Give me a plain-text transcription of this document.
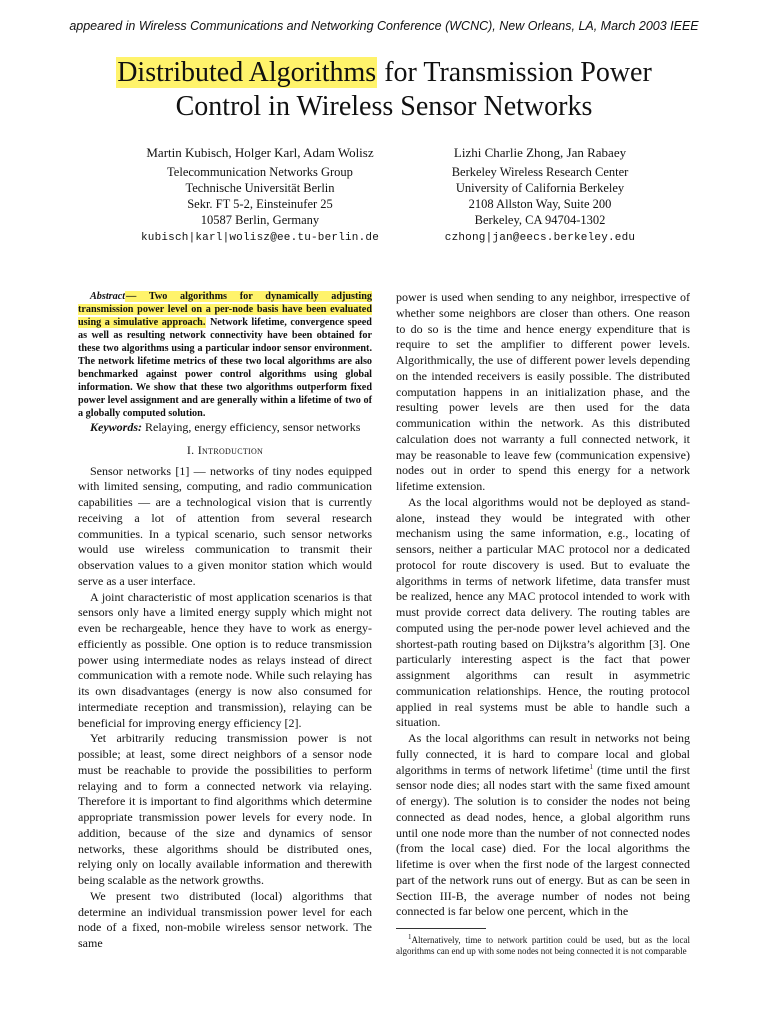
appeared in Wireless Communications and Networking Conference (WCNC), New Orleans, LA, March 2003 IEEE
Distributed Algorithms for Transmission Power
Control in Wireless Sensor Networks
Martin Kubisch, Holger Karl, Adam Wolisz
Telecommunication Networks Group
Technische Universität Berlin
Sekr. FT 5-2, Einsteinufer 25
10587 Berlin, Germany
kubisch|karl|wolisz@ee.tu-berlin.de
Lizhi Charlie Zhong, Jan Rabaey
Berkeley Wireless Research Center
University of California Berkeley
2108 Allston Way, Suite 200
Berkeley, CA 94704-1302
czhong|jan@eecs.berkeley.edu

Abstract— Two algorithms for dynamically adjusting transmission power level on a per-node basis have been evaluated using a simulative approach. Network lifetime, convergence speed as well as resulting network connectivity have been obtained for these two algorithms using a particular indoor sensor environment. The network lifetime metrics of these two local algorithms are also benchmarked against power control algorithms using global information. We show that these two algorithms outperform fixed power level assignment and are generally within a lifetime of two of a globally computed solution.

Keywords: Relaying, energy efficiency, sensor networks

I. Introduction

Sensor networks [1] — networks of tiny nodes equipped with limited sensing, computing, and radio communication capabilities — are a technological vision that is currently receiving a lot of attention from several research communities. In a typical scenario, such sensor networks would use wireless communication to transmit their observation values to a given monitor station which would serve as a user interface.

A joint characteristic of most application scenarios is that sensors only have a limited energy supply which might not even be rechargeable, hence they have to work as energy-efficiently as possible. One option is to reduce transmission power using intermediate nodes as relays instead of direct communication with a remote node. While such relaying has its own disadvantages (energy is now also consumed for intermediate reception and transmission), relaying can be beneficial for improving energy efficiency [2].

Yet arbitrarily reducing transmission power is not possible; at least, some direct neighbors of a sensor node must be reachable to provide the possibilities to perform relaying and to form a connected network via relaying. Therefore it is important to find algorithms which determine appropriate transmission power levels for every node. In addition, because of the size and dynamics of sensor networks, these algorithms should be distributed ones, relying only on locally available information and therewith being scalable as the network growths.

We present two distributed (local) algorithms that determine an individual transmission power level for each node of a fixed, non-mobile wireless sensor network. The same

power is used when sending to any neighbor, irrespective of whether some neighbors are closer than others. One reason to do so is the time and hence energy expenditure that is require to set the amplifier to different power levels. Algorithmically, the use of different power levels depending on the intended receivers is easily possible. The distributed computation happens in an initialization phase, and the resulting power levels are then used for the data communication within the network. As this distributed calculation does not warranty a full connected network, it may be reasonable to leave few (communication expensive) nodes out in order to spend this energy for a network lifetime extension.

As the local algorithms would not be deployed as stand-alone, instead they would be integrated with other mechanism using the same information, e.g., locating of sensors, neither a particular MAC protocol nor a dedicated protocol for route discovery is used. But to evaluate the algorithms in terms of network lifetime, data transfer must be realized, hence any MAC protocol intended to work with must provide correct data delivery. The routing tables are computed using the per-node power level achieved and the shortest-path routing based on Dijkstra’s algorithm [3]. One particularly interesting aspect is the fact that power assignment algorithms can result in asymmetric communication relationships. Hence, the routing protocol applied in real systems must be able to handle such a situation.

As the local algorithms can result in networks not being fully connected, it is hard to compare local and global algorithms in terms of network lifetime$^1$ (time until the first sensor node dies; all nodes start with the same fixed amount of energy). The solution is to consider the nodes not being connected as dead nodes, hence, a global algorithm runs until one node more than the number of not connected nodes (from the local case) died. For the local algorithms the lifetime is over when the first node of the largest connected part of the network runs out of energy. But as can be seen in Section III-B, the average number of nodes not being connected is far below one percent, which in the

$^1$Alternatively, time to network partition could be used, but as the local algorithms can end up with some nodes not being connected it is not comparable
